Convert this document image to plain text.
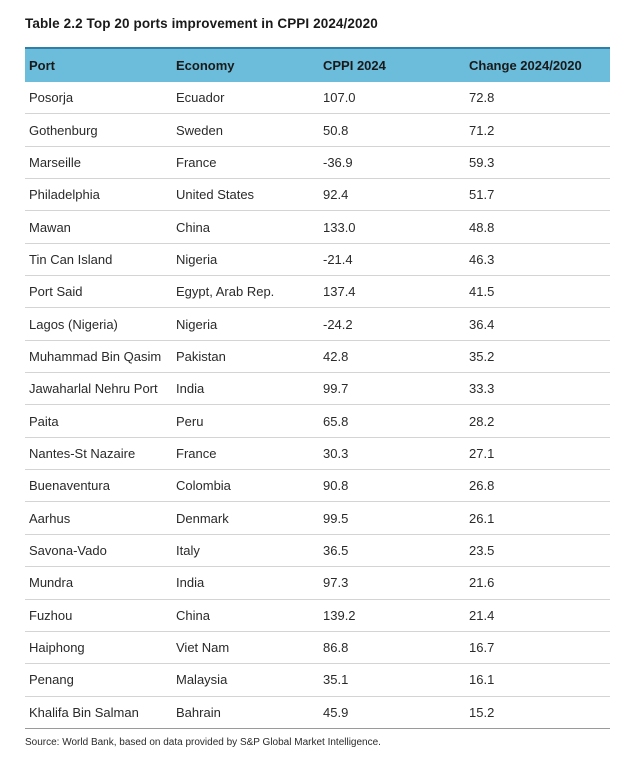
Table 2.2 Top 20 ports improvement in CPPI 2024/2020
Port	Economy	CPPI 2024	Change 2024/2020
Posorja	Ecuador	107.0	72.8
Gothenburg	Sweden	50.8	71.2
Marseille	France	-36.9	59.3
Philadelphia	United States	92.4	51.7
Mawan	China	133.0	48.8
Tin Can Island	Nigeria	-21.4	46.3
Port Said	Egypt, Arab Rep.	137.4	41.5
Lagos (Nigeria)	Nigeria	-24.2	36.4
Muhammad Bin Qasim	Pakistan	42.8	35.2
Jawaharlal Nehru Port	India	99.7	33.3
Paita	Peru	65.8	28.2
Nantes-St Nazaire	France	30.3	27.1
Buenaventura	Colombia	90.8	26.8
Aarhus	Denmark	99.5	26.1
Savona-Vado	Italy	36.5	23.5
Mundra	India	97.3	21.6
Fuzhou	China	139.2	21.4
Haiphong	Viet Nam	86.8	16.7
Penang	Malaysia	35.1	16.1
Khalifa Bin Salman	Bahrain	45.9	15.2
Source: World Bank, based on data provided by S&P Global Market Intelligence.
